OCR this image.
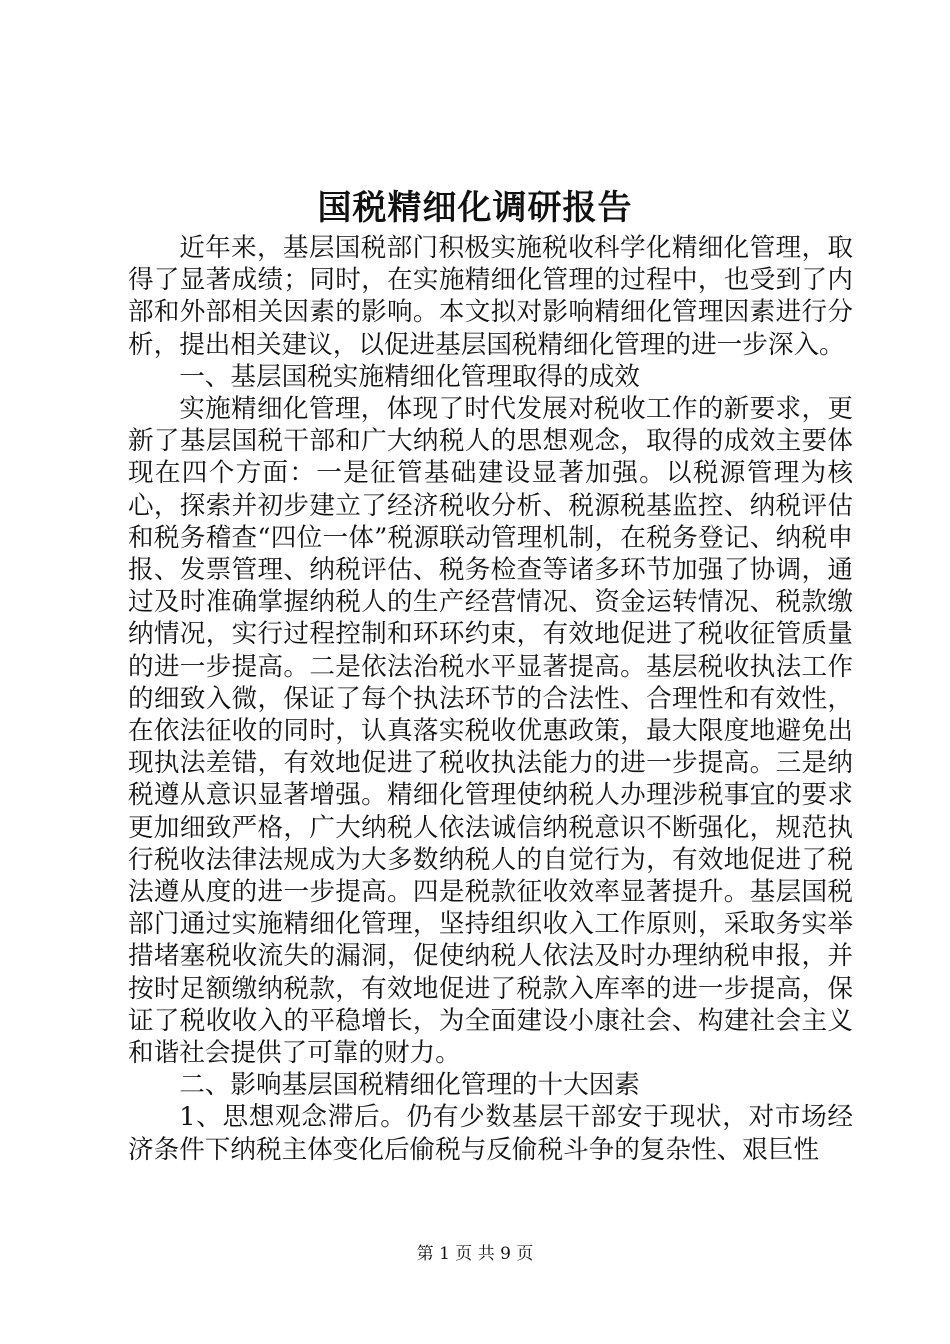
国税精细化调研报告

近年来，基层国税部门积极实施税收科学化精细化管理，取得了显著成绩；同时，在实施精细化管理的过程中，也受到了内部和外部相关因素的影响。本文拟对影响精细化管理因素进行分析，提出相关建议，以促进基层国税精细化管理的进一步深入。

一、基层国税实施精细化管理取得的成效

实施精细化管理，体现了时代发展对税收工作的新要求，更新了基层国税干部和广大纳税人的思想观念，取得的成效主要体现在四个方面：一是征管基础建设显著加强。以税源管理为核心，探索并初步建立了经济税收分析、税源税基监控、纳税评估和税务稽查“四位一体”税源联动管理机制，在税务登记、纳税申报、发票管理、纳税评估、税务检查等诸多环节加强了协调，通过及时准确掌握纳税人的生产经营情况、资金运转情况、税款缴纳情况，实行过程控制和环环约束，有效地促进了税收征管质量的进一步提高。二是依法治税水平显著提高。基层税收执法工作的细致入微，保证了每个执法环节的合法性、合理性和有效性，在依法征收的同时，认真落实税收优惠政策，最大限度地避免出现执法差错，有效地促进了税收执法能力的进一步提高。三是纳税遵从意识显著增强。精细化管理使纳税人办理涉税事宜的要求更加细致严格，广大纳税人依法诚信纳税意识不断强化，规范执行税收法律法规成为大多数纳税人的自觉行为，有效地促进了税法遵从度的进一步提高。四是税款征收效率显著提升。基层国税部门通过实施精细化管理，坚持组织收入工作原则，采取务实举措堵塞税收流失的漏洞，促使纳税人依法及时办理纳税申报，并按时足额缴纳税款，有效地促进了税款入库率的进一步提高，保证了税收收入的平稳增长，为全面建设小康社会、构建社会主义和谐社会提供了可靠的财力。

二、影响基层国税精细化管理的十大因素

1、思想观念滞后。仍有少数基层干部安于现状，对市场经济条件下纳税主体变化后偷税与反偷税斗争的复杂性、艰巨性

第 1 页 共 9 页
